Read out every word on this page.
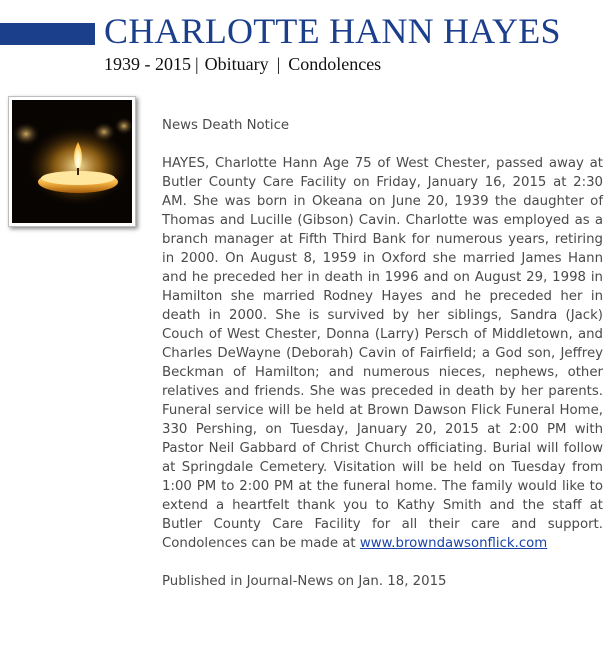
CHARLOTTE HANN HAYES
1939 - 2015 | Obituary | Condolences

News Death Notice

HAYES, Charlotte Hann Age 75 of West Chester, passed away at Butler County Care Facility on Friday, January 16, 2015 at 2:30 AM. She was born in Okeana on June 20, 1939 the daughter of Thomas and Lucille (Gibson) Cavin. Charlotte was employed as a branch manager at Fifth Third Bank for numerous years, retiring in 2000. On August 8, 1959 in Oxford she married James Hann and he preceded her in death in 1996 and on August 29, 1998 in Hamilton she married Rodney Hayes and he preceded her in death in 2000. She is survived by her siblings, Sandra (Jack) Couch of West Chester, Donna (Larry) Persch of Middletown, and Charles DeWayne (Deborah) Cavin of Fairfield; a God son, Jeffrey Beckman of Hamilton; and numerous nieces, nephews, other relatives and friends. She was preceded in death by her parents. Funeral service will be held at Brown Dawson Flick Funeral Home, 330 Pershing, on Tuesday, January 20, 2015 at 2:00 PM with Pastor Neil Gabbard of Christ Church officiating. Burial will follow at Springdale Cemetery. Visitation will be held on Tuesday from 1:00 PM to 2:00 PM at the funeral home. The family would like to extend a heartfelt thank you to Kathy Smith and the staff at Butler County Care Facility for all their care and support. Condolences can be made at www.browndawsonflick.com

Published in Journal-News on Jan. 18, 2015
